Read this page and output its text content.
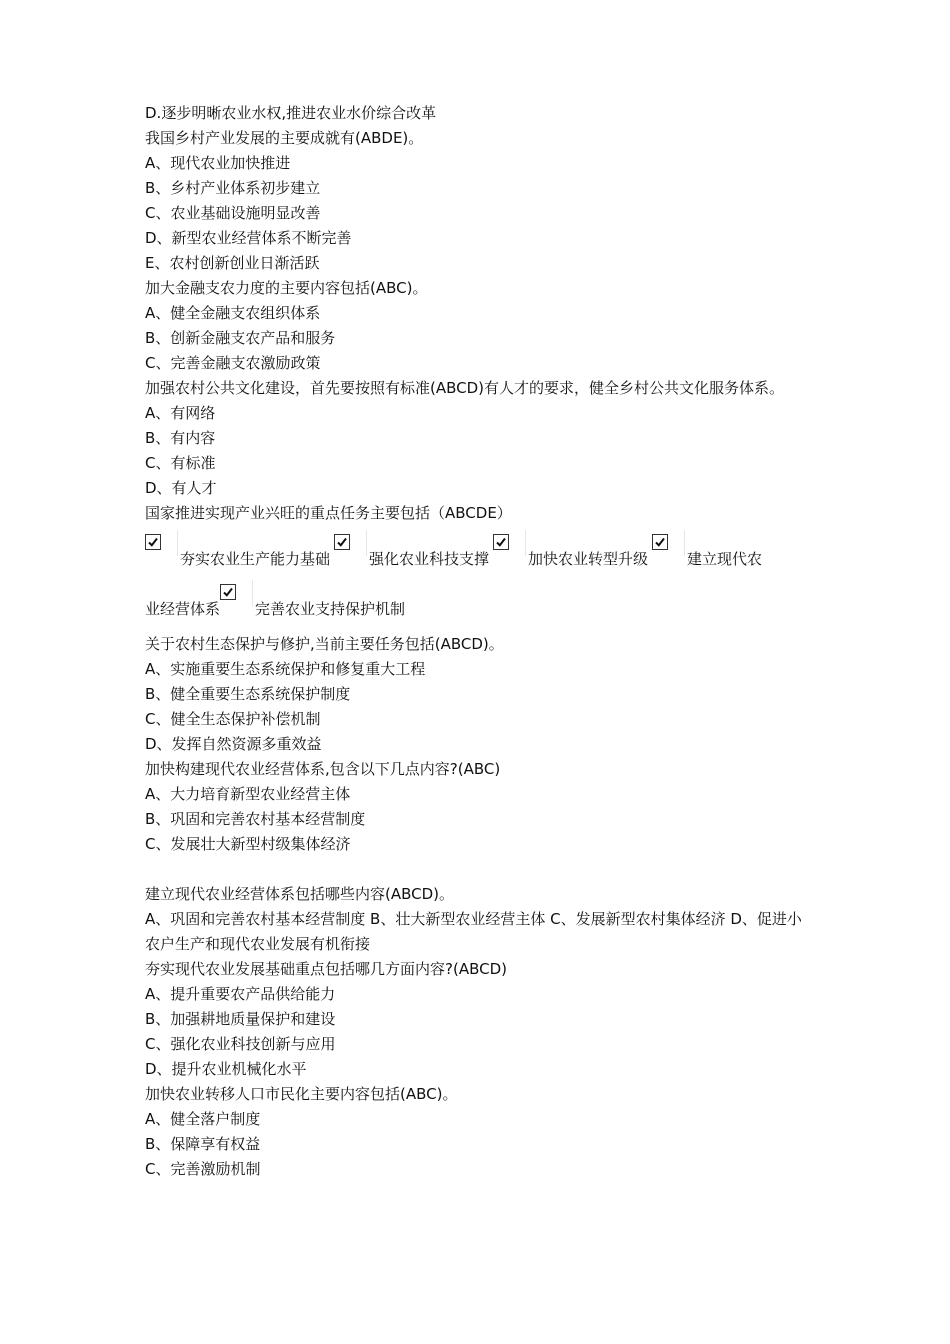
D.逐步明晰农业水权,推进农业水价综合改革
我国乡村产业发展的主要成就有(ABDE)。
A、现代农业加快推进
B、乡村产业体系初步建立
C、农业基础设施明显改善
D、新型农业经营体系不断完善
E、农村创新创业日渐活跃
加大金融支农力度的主要内容包括(ABC)。
A、健全金融支农组织体系
B、创新金融支农产品和服务
C、完善金融支农激励政策
加强农村公共文化建设，首先要按照有标准(ABCD)有人才的要求，健全乡村公共文化服务体系。
A、有网络
B、有内容
C、有标准
D、有人才
国家推进实现产业兴旺的重点任务主要包括（ABCDE）
夯实农业生产能力基础	强化农业科技支撑	加快农业转型升级	建立现代农
业经营体系 完善农业支持保护机制
关于农村生态保护与修护,当前主要任务包括(ABCD)。
A、实施重要生态系统保护和修复重大工程
B、健全重要生态系统保护制度
C、健全生态保护补偿机制
D、发挥自然资源多重效益
加快构建现代农业经营体系,包含以下几点内容?(ABC)
A、大力培育新型农业经营主体
B、巩固和完善农村基本经营制度
C、发展壮大新型村级集体经济
建立现代农业经营体系包括哪些内容(ABCD)。
A、巩固和完善农村基本经营制度 B、壮大新型农业经营主体 C、发展新型农村集体经济 D、促进小农户生产和现代农业发展有机衔接
夯实现代农业发展基础重点包括哪几方面内容?(ABCD)
A、提升重要农产品供给能力
B、加强耕地质量保护和建设
C、强化农业科技创新与应用
D、提升农业机械化水平
加快农业转移人口市民化主要内容包括(ABC)。
A、健全落户制度
B、保障享有权益
C、完善激励机制
